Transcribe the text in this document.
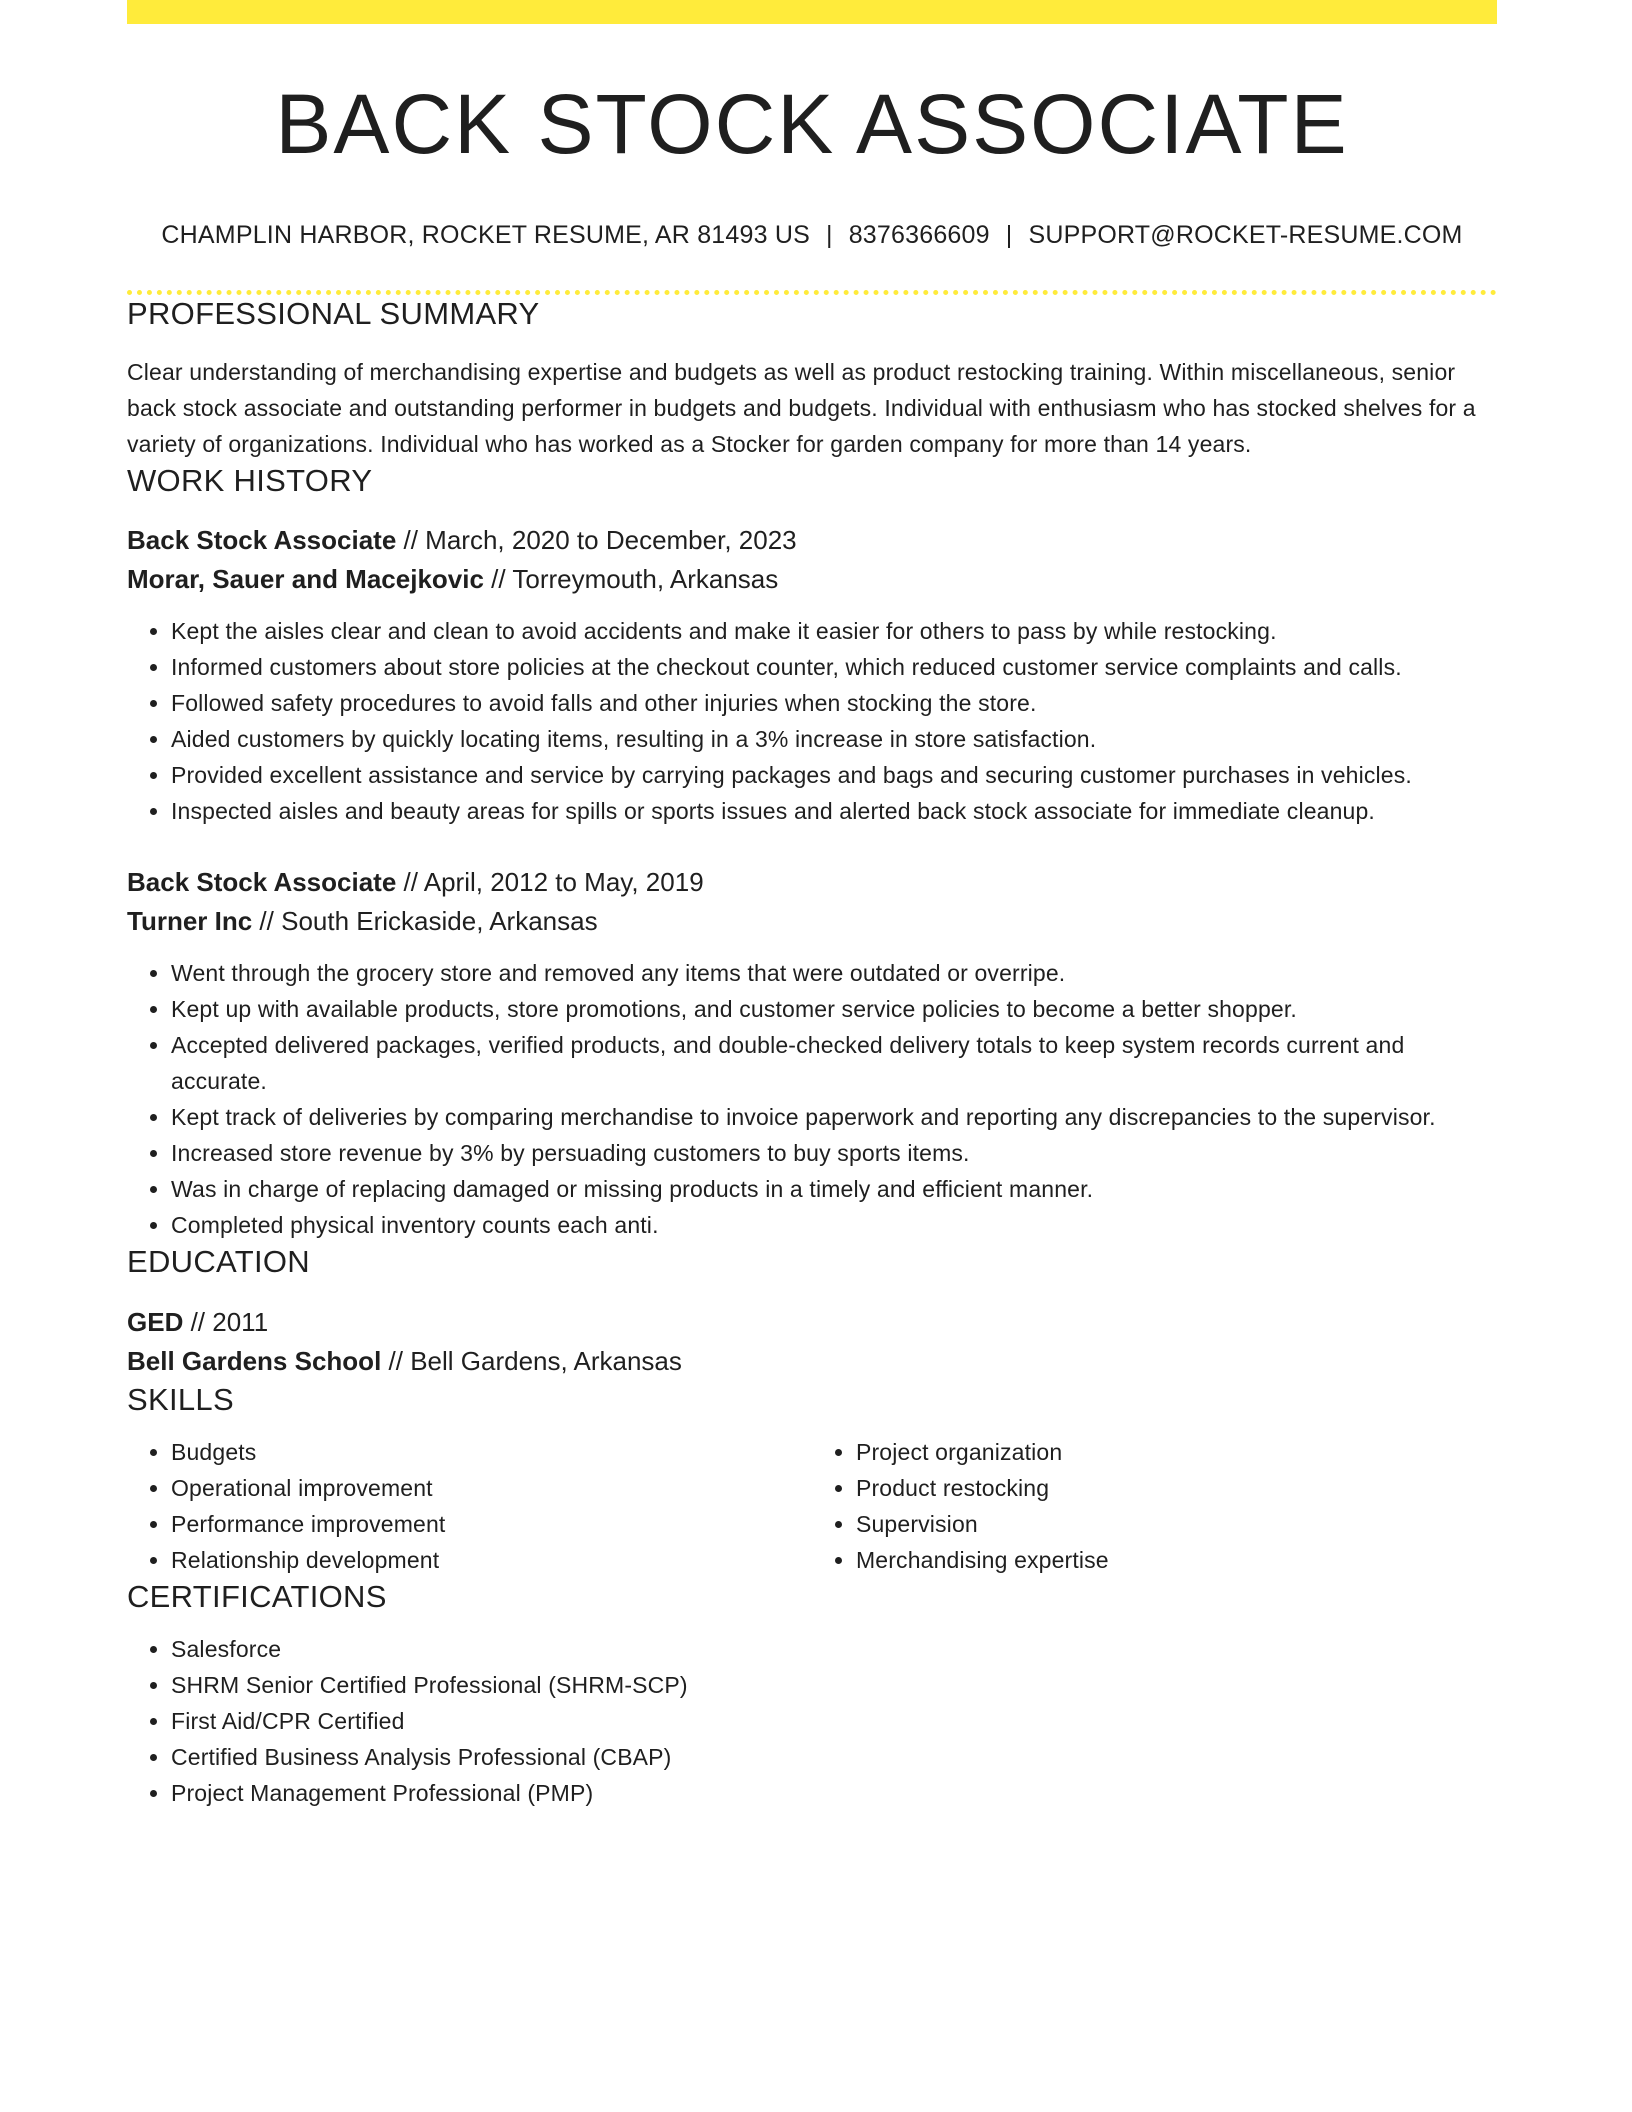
BACK STOCK ASSOCIATE
CHAMPLIN HARBOR, ROCKET RESUME, AR 81493 US | 8376366609 | SUPPORT@ROCKET-RESUME.COM
PROFESSIONAL SUMMARY
Clear understanding of merchandising expertise and budgets as well as product restocking training. Within miscellaneous, senior back stock associate and outstanding performer in budgets and budgets. Individual with enthusiasm who has stocked shelves for a variety of organizations. Individual who has worked as a Stocker for garden company for more than 14 years.
WORK HISTORY
Back Stock Associate // March, 2020 to December, 2023
Morar, Sauer and Macejkovic // Torreymouth, Arkansas
• Kept the aisles clear and clean to avoid accidents and make it easier for others to pass by while restocking.
• Informed customers about store policies at the checkout counter, which reduced customer service complaints and calls.
• Followed safety procedures to avoid falls and other injuries when stocking the store.
• Aided customers by quickly locating items, resulting in a 3% increase in store satisfaction.
• Provided excellent assistance and service by carrying packages and bags and securing customer purchases in vehicles.
• Inspected aisles and beauty areas for spills or sports issues and alerted back stock associate for immediate cleanup.
Back Stock Associate // April, 2012 to May, 2019
Turner Inc // South Erickaside, Arkansas
• Went through the grocery store and removed any items that were outdated or overripe.
• Kept up with available products, store promotions, and customer service policies to become a better shopper.
• Accepted delivered packages, verified products, and double-checked delivery totals to keep system records current and accurate.
• Kept track of deliveries by comparing merchandise to invoice paperwork and reporting any discrepancies to the supervisor.
• Increased store revenue by 3% by persuading customers to buy sports items.
• Was in charge of replacing damaged or missing products in a timely and efficient manner.
• Completed physical inventory counts each anti.
EDUCATION
GED // 2011
Bell Gardens School // Bell Gardens, Arkansas
SKILLS
• Budgets
• Operational improvement
• Performance improvement
• Relationship development
• Project organization
• Product restocking
• Supervision
• Merchandising expertise
CERTIFICATIONS
• Salesforce
• SHRM Senior Certified Professional (SHRM-SCP)
• First Aid/CPR Certified
• Certified Business Analysis Professional (CBAP)
• Project Management Professional (PMP)
